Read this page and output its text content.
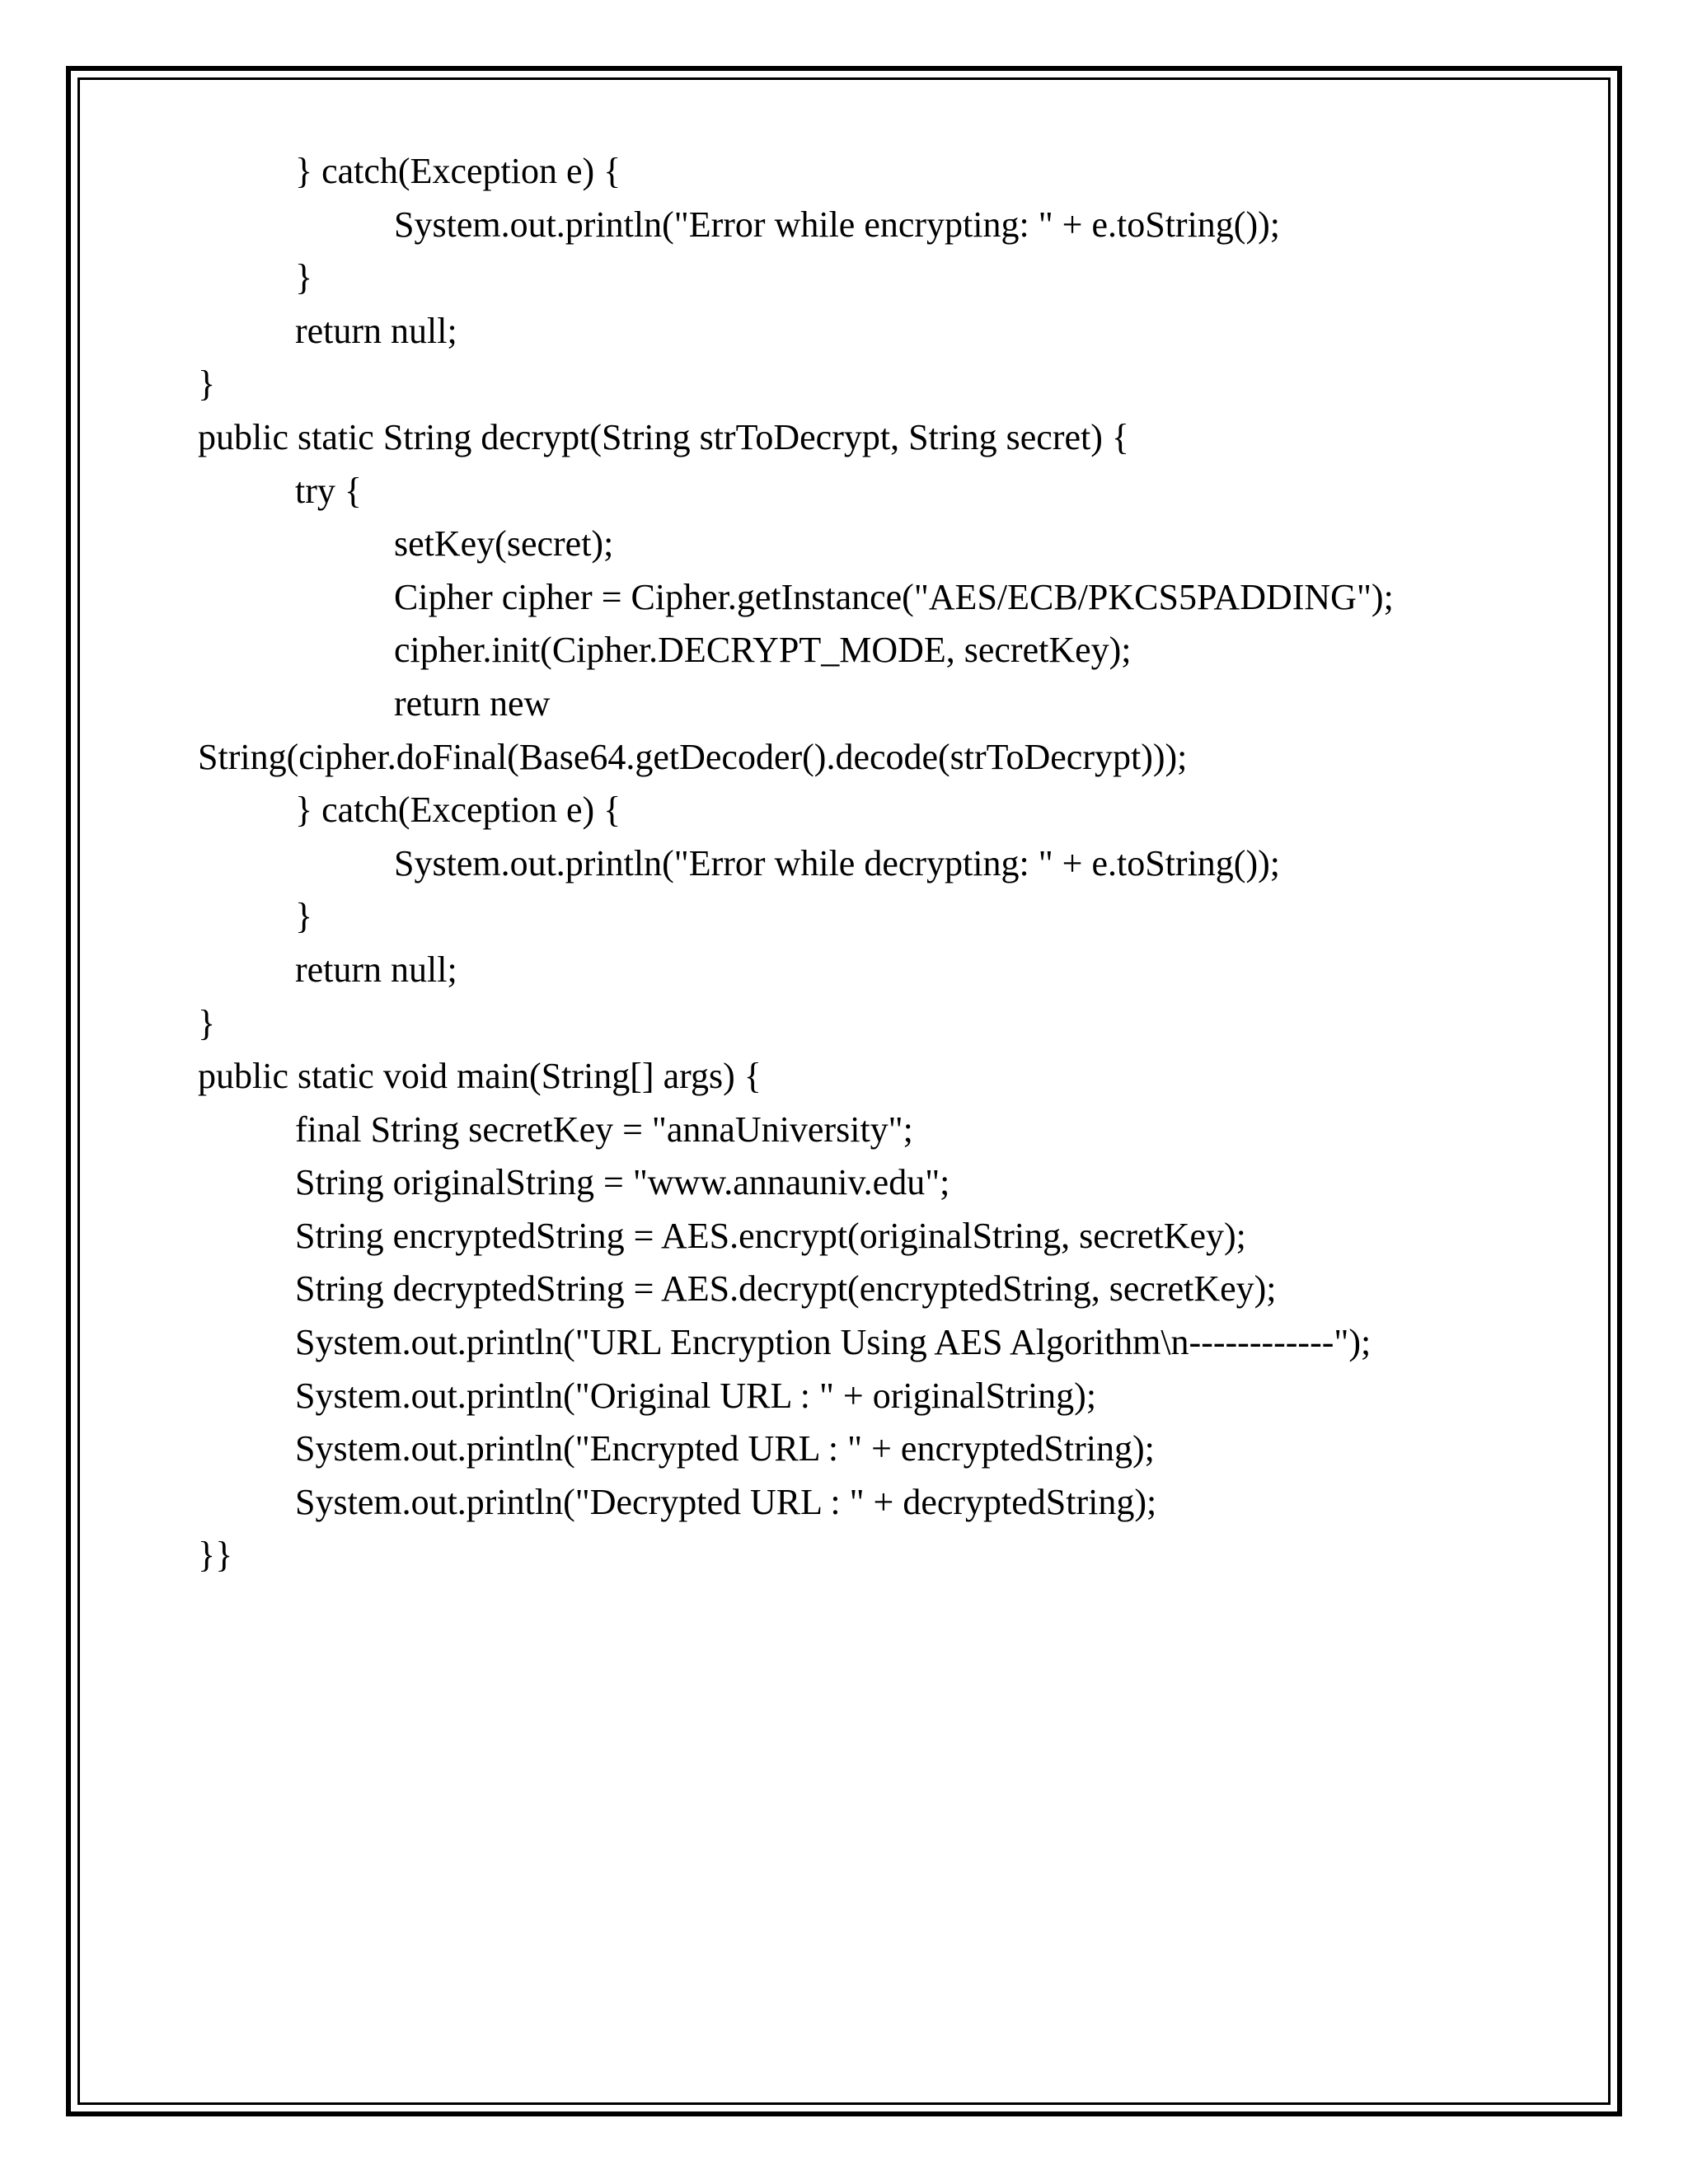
} catch(Exception e) {
System.out.println("Error while encrypting: " + e.toString());
}
return null;
}
public static String decrypt(String strToDecrypt, String secret) {
try {
setKey(secret);
Cipher cipher = Cipher.getInstance("AES/ECB/PKCS5PADDING");
cipher.init(Cipher.DECRYPT_MODE, secretKey);
return new
String(cipher.doFinal(Base64.getDecoder().decode(strToDecrypt)));
} catch(Exception e) {
System.out.println("Error while decrypting: " + e.toString());
}
return null;
}
public static void main(String[] args) {
final String secretKey = "annaUniversity";
String originalString = "www.annauniv.edu";
String encryptedString = AES.encrypt(originalString, secretKey);
String decryptedString = AES.decrypt(encryptedString, secretKey);
System.out.println("URL Encryption Using AES Algorithm\n------------");
System.out.println("Original URL : " + originalString);
System.out.println("Encrypted URL : " + encryptedString);
System.out.println("Decrypted URL : " + decryptedString);
}}
